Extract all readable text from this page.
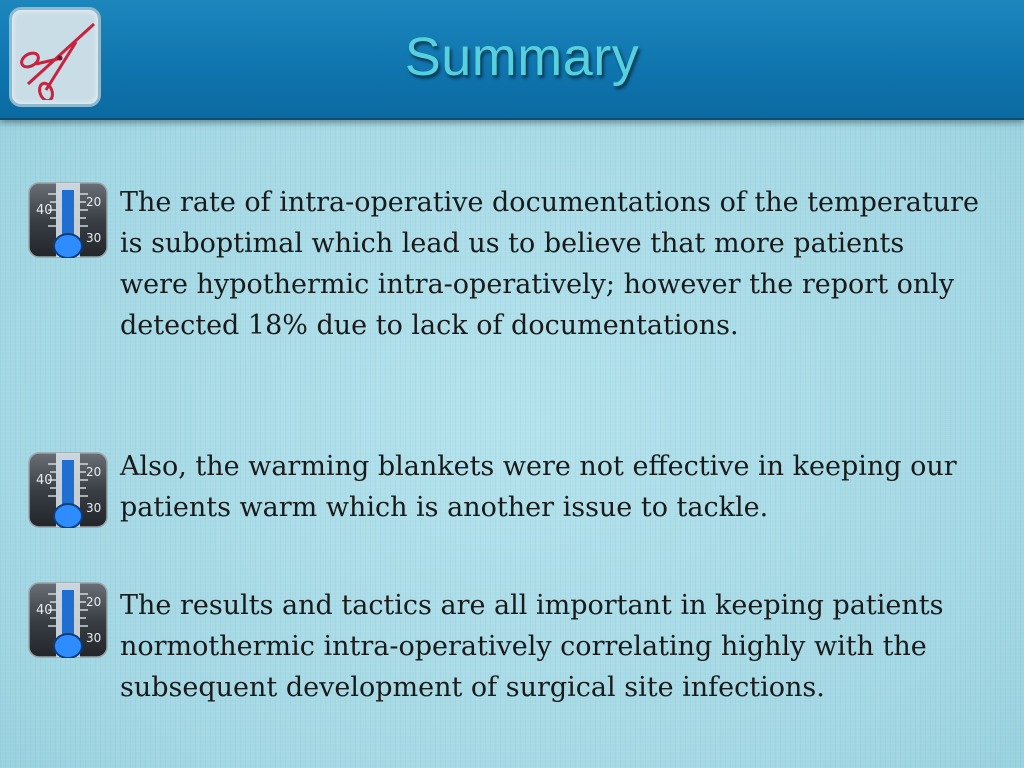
Summary
40
20
30
The rate of intra-operative documentations of the temperature is suboptimal which lead us to believe that more patients were hypothermic intra-operatively; however the report only detected 18% due to lack of documentations.
40
20
30
Also, the warming blankets were not effective in keeping our patients warm which is another issue to tackle.
40
20
30
The results and tactics are all important in keeping patients normothermic intra-operatively correlating highly with the subsequent development of surgical site infections.
